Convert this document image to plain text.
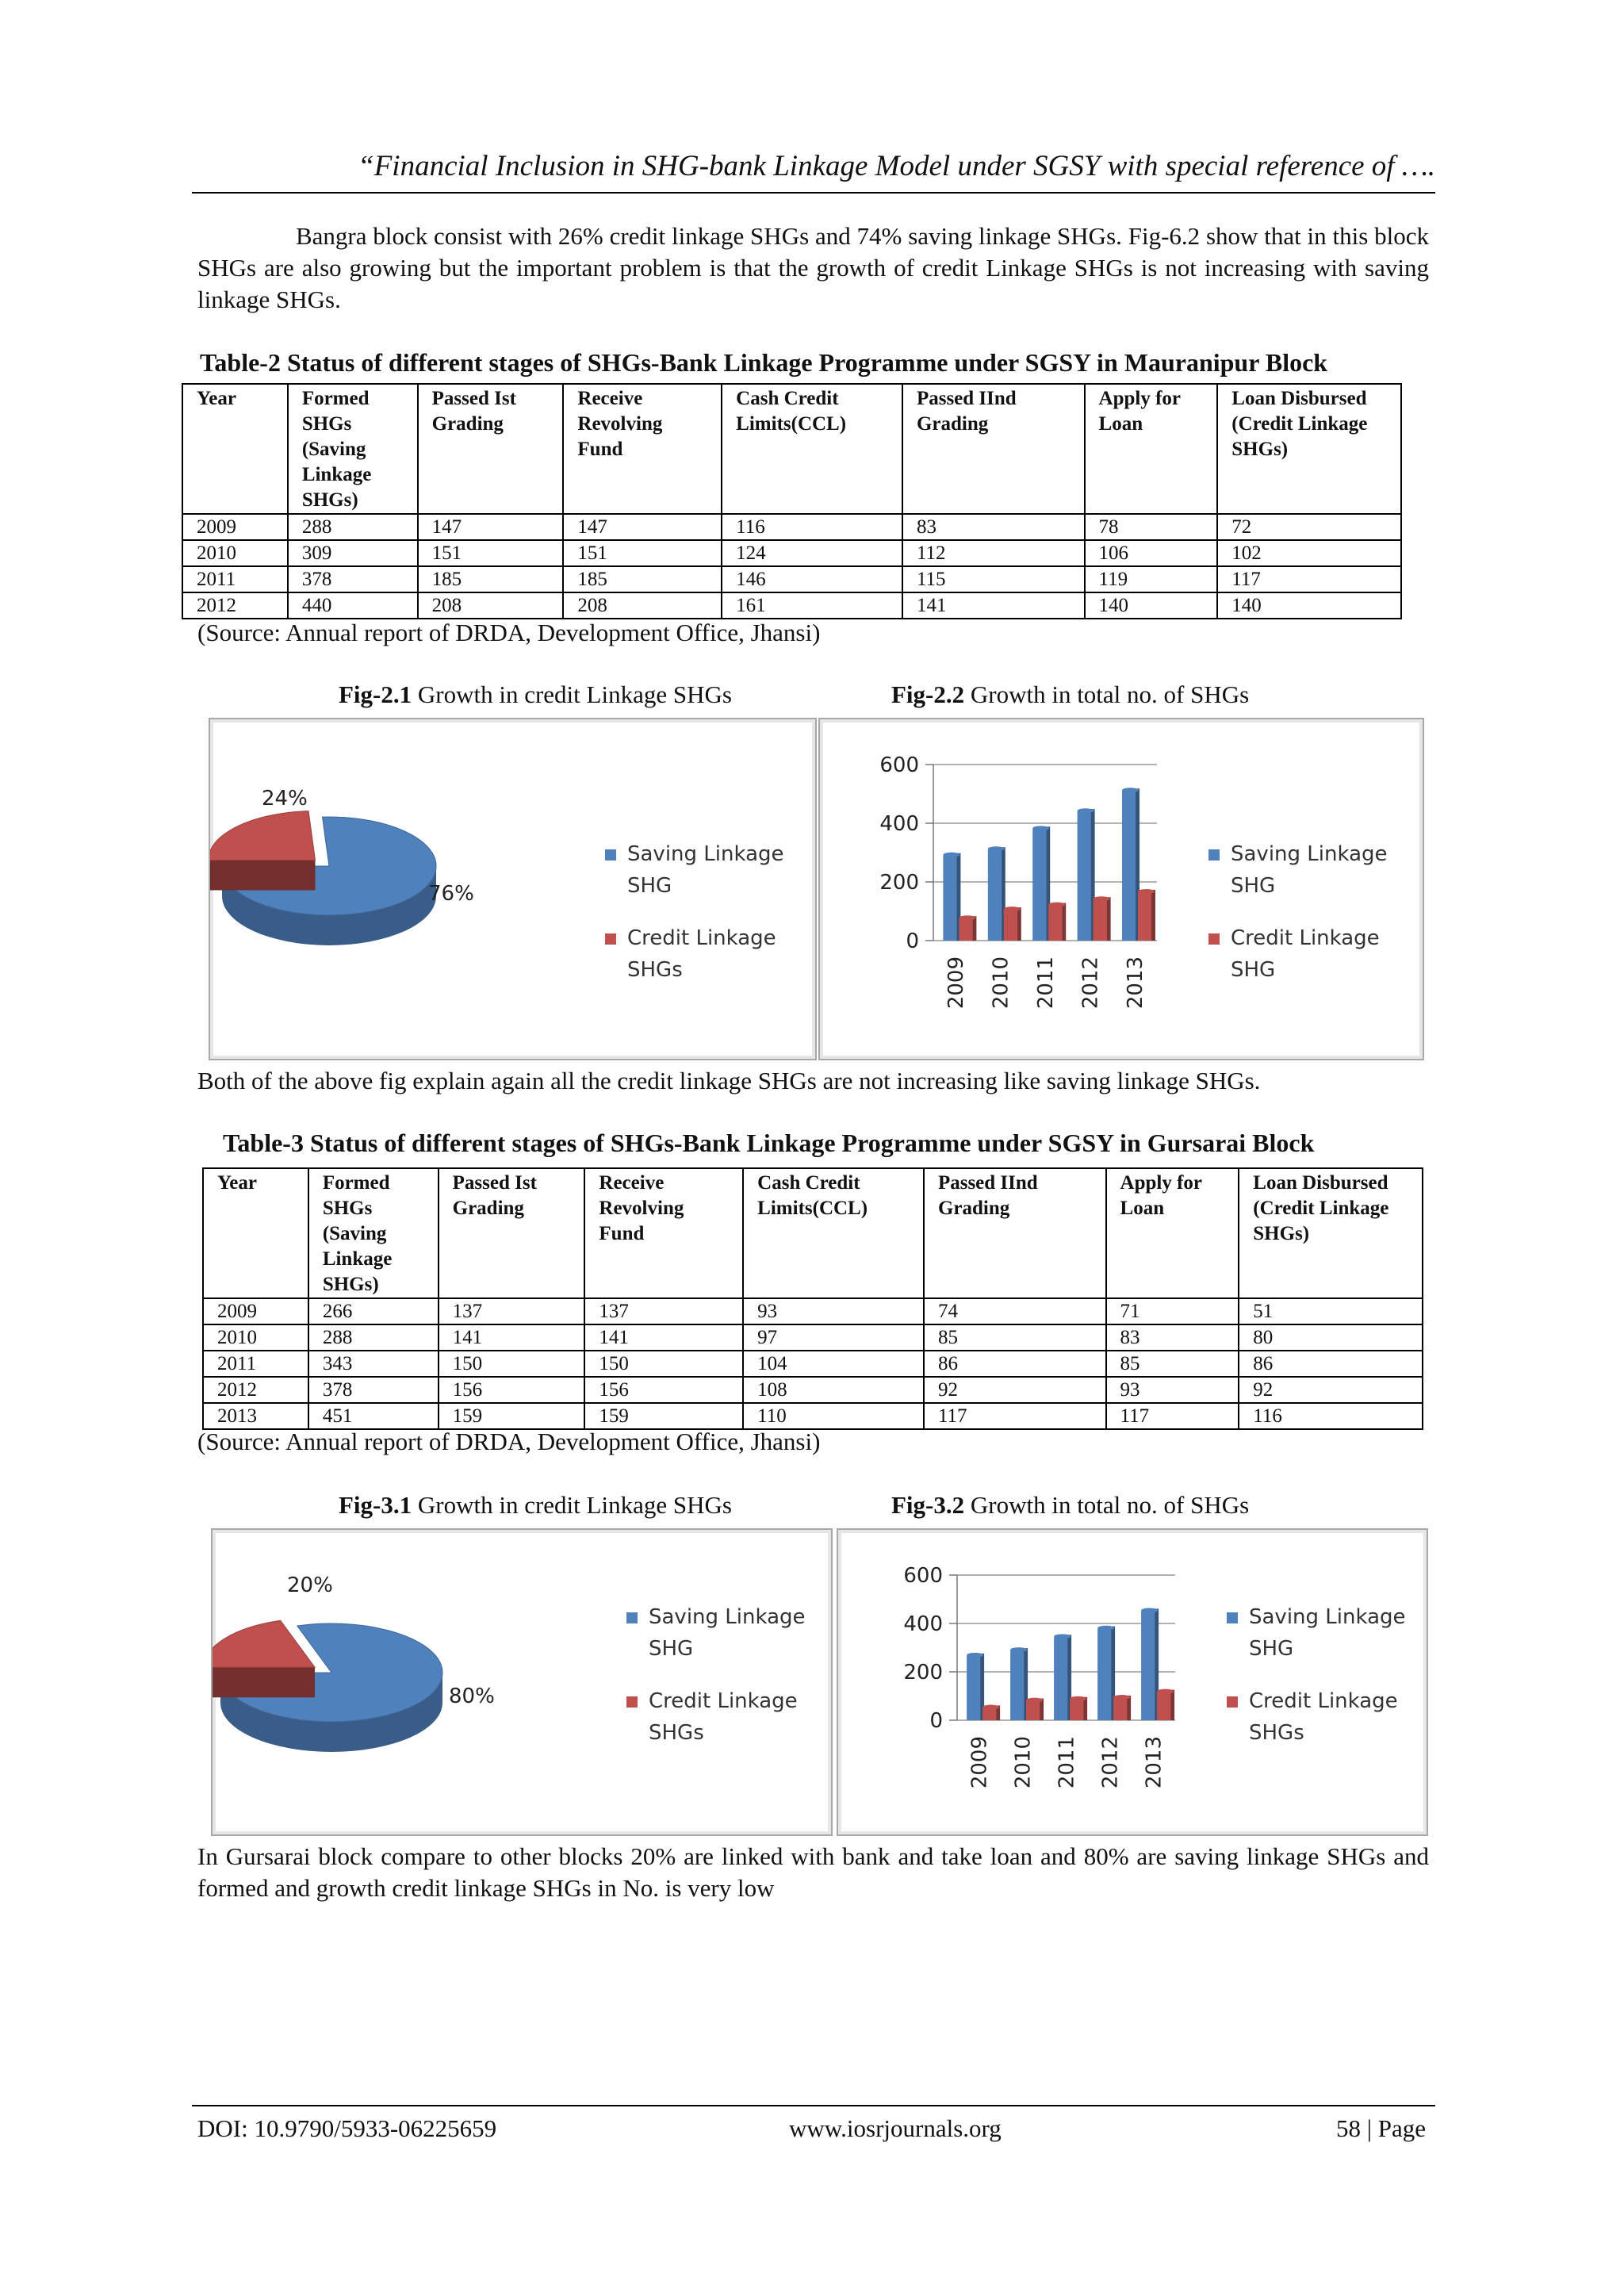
“Financial Inclusion in SHG-bank Linkage Model under SGSY with special reference of ….

Bangra block consist with 26% credit linkage SHGs and 74% saving linkage SHGs. Fig-6.2 show that in this block SHGs are also growing but the important problem is that the growth of credit Linkage SHGs is not increasing with saving linkage SHGs.

Table-2 Status of different stages of SHGs-Bank Linkage Programme under SGSY in Mauranipur Block
Year	Formed SHGs (Saving Linkage SHGs)	Passed Ist Grading	Receive Revolving Fund	Cash Credit Limits(CCL)	Passed IInd Grading	Apply for Loan	Loan Disbursed (Credit Linkage SHGs)
2009	288	147	147	116	83	78	72
2010	309	151	151	124	112	106	102
2011	378	185	185	146	115	119	117
2012	440	208	208	161	141	140	140
(Source: Annual report of DRDA, Development Office, Jhansi)
Fig-2.1 Growth in credit Linkage SHGs	Fig-2.2 Growth in total no. of SHGs
76%
24%
Saving Linkage SHG
Credit Linkage SHGs
0
200
400
600
2009 2010 2011 2012 2013
Saving Linkage SHG
Credit Linkage SHG

Both of the above fig explain again all the credit linkage SHGs are not increasing like saving linkage SHGs.

Table-3 Status of different stages of SHGs-Bank Linkage Programme under SGSY in Gursarai Block
Year	Formed SHGs (Saving Linkage SHGs)	Passed Ist Grading	Receive Revolving Fund	Cash Credit Limits(CCL)	Passed IInd Grading	Apply for Loan	Loan Disbursed (Credit Linkage SHGs)
2009	266	137	137	93	74	71	51
2010	288	141	141	97	85	83	80
2011	343	150	150	104	86	85	86
2012	378	156	156	108	92	93	92
2013	451	159	159	110	117	117	116
(Source: Annual report of DRDA, Development Office, Jhansi)
Fig-3.1 Growth in credit Linkage SHGs	Fig-3.2 Growth in total no. of SHGs
80%
20%
Saving Linkage SHG
Credit Linkage SHGs	0
200
400
600
2009 2010 2011 2012 2013
Saving Linkage SHG
Credit Linkage SHGs

In Gursarai block compare to other blocks 20% are linked with bank and take loan and 80% are saving linkage SHGs and formed and growth credit linkage SHGs in No. is very low

DOI: 10.9790/5933-06225659	www.iosrjournals.org	58 | Page
